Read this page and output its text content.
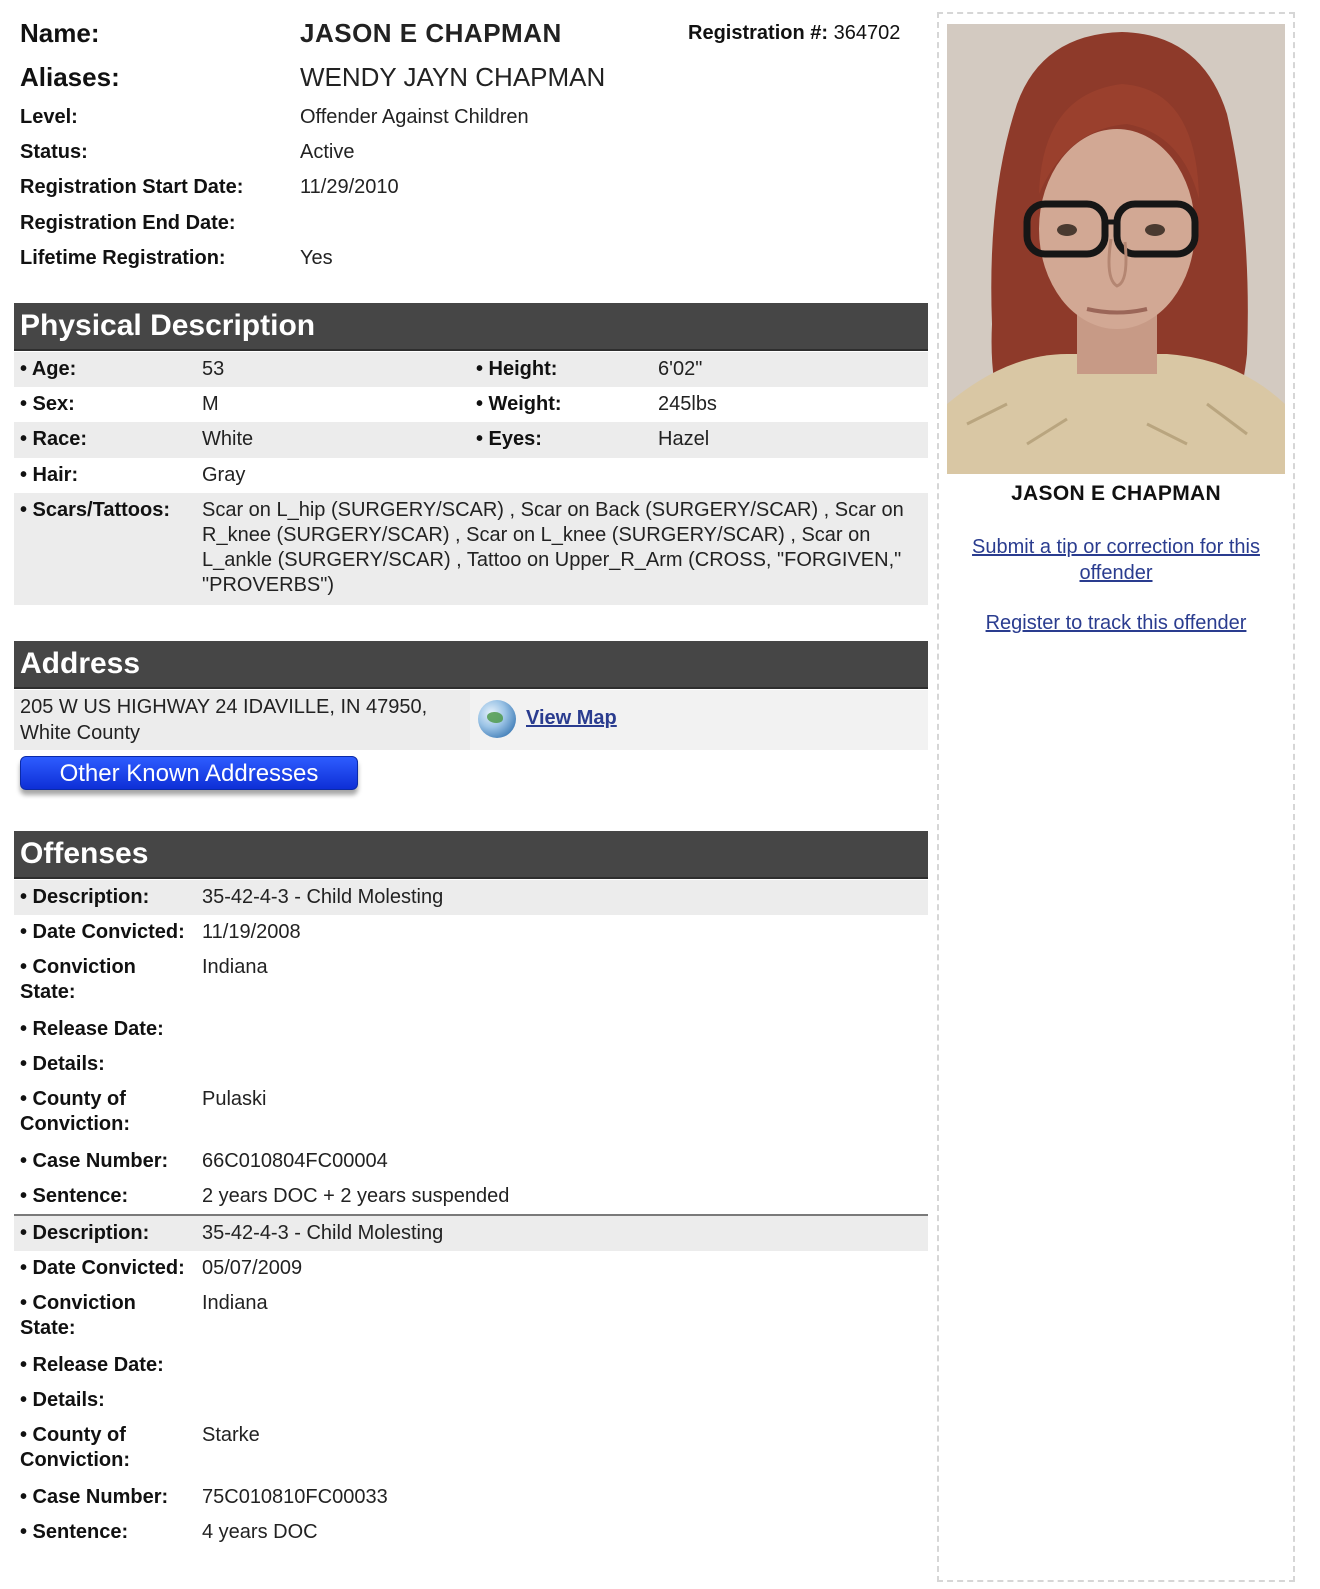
Name:	JASON E CHAPMAN	Registration #: 364702
Aliases:	WENDY JAYN CHAPMAN
Level:	Offender Against Children
Status:	Active
Registration Start Date:	11/29/2010
Registration End Date:
Lifetime Registration:	Yes
Physical Description
• Age:	53	• Height:	6'02"
• Sex:	M	• Weight:	245lbs
• Race:	White	• Eyes:	Hazel
• Hair:	Gray
• Scars/Tattoos: Scar on L_hip (SURGERY/SCAR) , Scar on Back (SURGERY/SCAR) , Scar on
R_knee (SURGERY/SCAR) , Scar on L_knee (SURGERY/SCAR) , Scar on
L_ankle (SURGERY/SCAR) , Tattoo on Upper_R_Arm (CROSS, "FORGIVEN,"
"PROVERBS")
Address
205 W US HIGHWAY 24 IDAVILLE, IN 47950,
White County
View Map
Other Known Addresses
Offenses
• Description:	35-42-4-3 - Child Molesting
• Date Convicted: 11/19/2008
• Conviction
State:
Indiana
• Release Date:
• Details:
• County of
Conviction:
Pulaski
• Case Number: 66C010804FC00004
• Sentence:	2 years DOC + 2 years suspended
• Description:	35-42-4-3 - Child Molesting
• Date Convicted: 05/07/2009
• Conviction
State:
Indiana
• Release Date:
• Details:
• County of
Conviction:
Starke
• Case Number: 75C010810FC00033
• Sentence:	4 years DOC
JASON E CHAPMAN
Submit a tip or correction for this
offender
Register to track this offender
